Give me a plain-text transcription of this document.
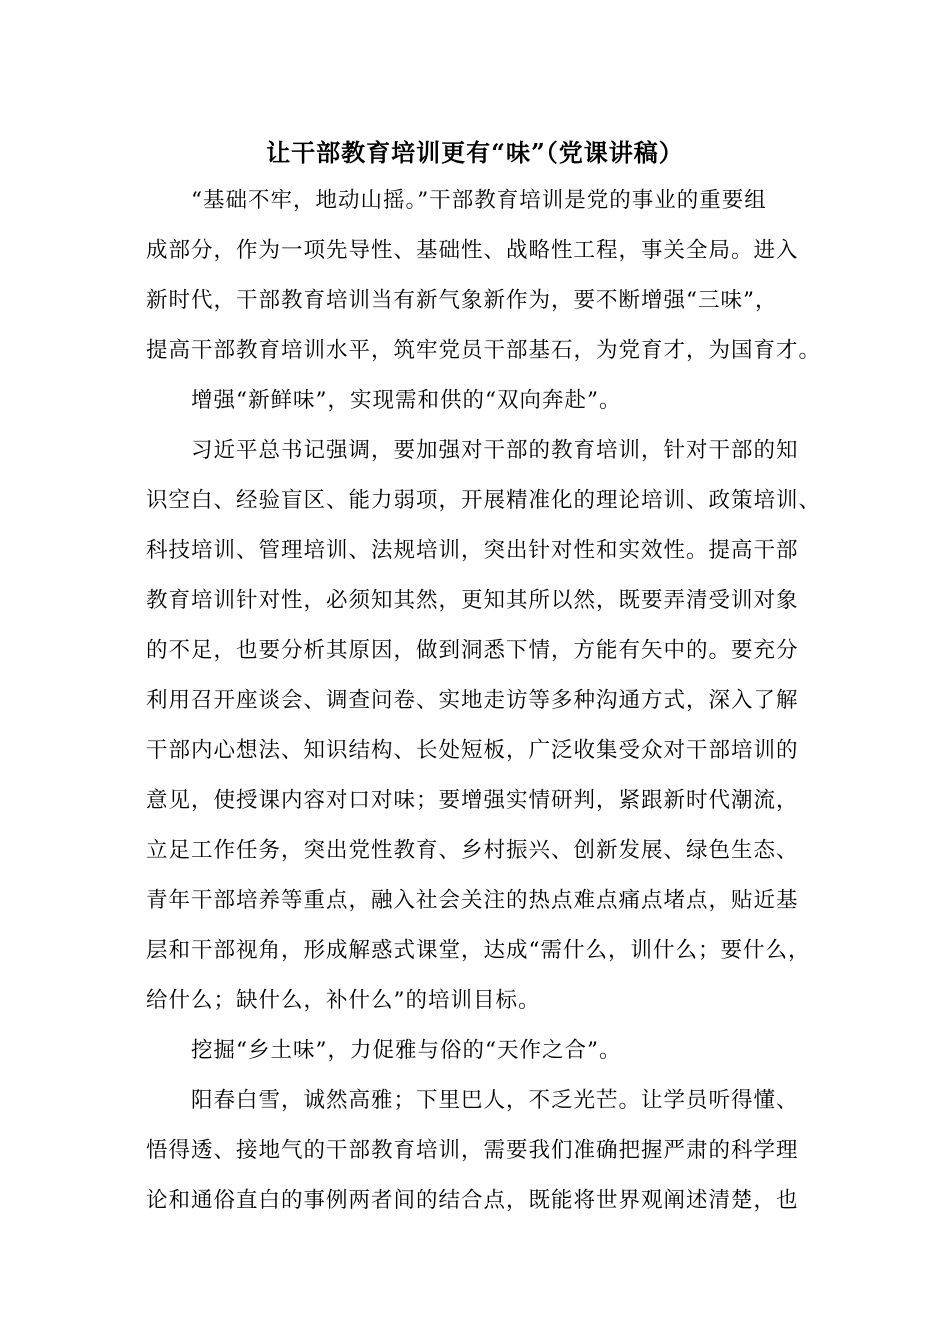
让干部教育培训更有“味”（党课讲稿）
“基础不牢，地动山摇。”干部教育培训是党的事业的重要组
成部分，作为一项先导性、基础性、战略性工程，事关全局。进入
新时代，干部教育培训当有新气象新作为，要不断增强“三味”，
提高干部教育培训水平，筑牢党员干部基石，为党育才，为国育才。
增强“新鲜味”，实现需和供的“双向奔赴”。
习近平总书记强调，要加强对干部的教育培训，针对干部的知
识空白、经验盲区、能力弱项，开展精准化的理论培训、政策培训、
科技培训、管理培训、法规培训，突出针对性和实效性。提高干部
教育培训针对性，必须知其然，更知其所以然，既要弄清受训对象
的不足，也要分析其原因，做到洞悉下情，方能有矢中的。要充分
利用召开座谈会、调查问卷、实地走访等多种沟通方式，深入了解
干部内心想法、知识结构、长处短板，广泛收集受众对干部培训的
意见，使授课内容对口对味；要增强实情研判，紧跟新时代潮流，
立足工作任务，突出党性教育、乡村振兴、创新发展、绿色生态、
青年干部培养等重点，融入社会关注的热点难点痛点堵点，贴近基
层和干部视角，形成解惑式课堂，达成“需什么，训什么；要什么，
给什么；缺什么，补什么”的培训目标。
挖掘“乡土味”，力促雅与俗的“天作之合”。
阳春白雪，诚然高雅；下里巴人，不乏光芒。让学员听得懂、
悟得透、接地气的干部教育培训，需要我们准确把握严肃的科学理
论和通俗直白的事例两者间的结合点，既能将世界观阐述清楚，也
